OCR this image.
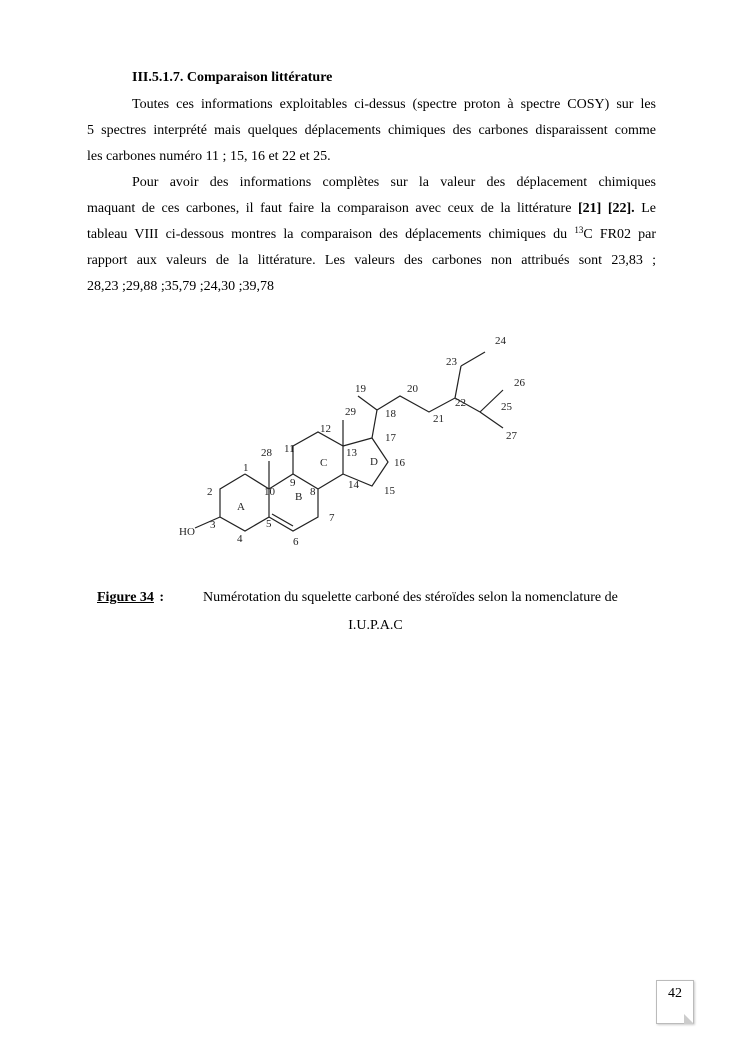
III.5.1.7. Comparaison littérature

Toutes ces informations exploitables ci-dessus (spectre proton à spectre COSY) sur les
5 spectres interprété mais quelques déplacements chimiques des carbones disparaissent comme
les carbones numéro 11 ; 15, 16 et 22 et 25.

Pour avoir des informations complètes sur la valeur des déplacement chimiques
maquant de ces carbones, il faut faire la comparaison avec ceux de la littérature [21] [22]. Le
tableau VIII ci-dessous montres la comparaison des déplacements chimiques du $^{13}$C FR02 par
rapport aux valeurs de la littérature. Les valeurs des carbones non attribués sont 23,83 ;
28,23 ;29,88 ;35,79 ;24,30 ;39,78

HO
1
2
3
4
5
6
7
8
9
10
11
12
13
14 15
16
17
18
19	20
21
22
23
24
25
26
27
28
29
A
B
C	D
Figure 34 :	Numérotation du squelette carboné des stéroïdes selon la nomenclature de
I.U.P.A.C
42
